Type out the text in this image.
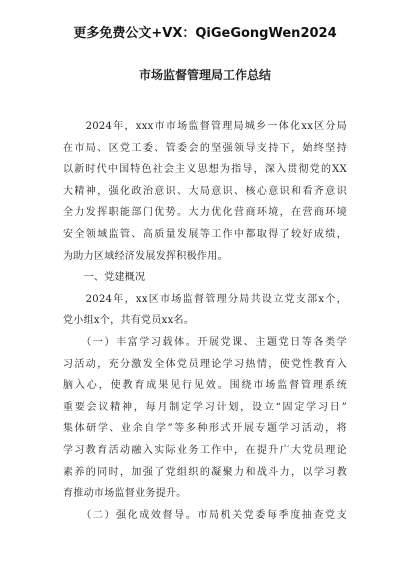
更多免费公文+VX：QiGeGongWen2024
市场监督管理局工作总结
　　2024年，xxx市市场监督管理局城乡一体化xx区分局
在市局、区党工委、管委会的坚强领导支持下，始终坚持
以新时代中国特色社会主义思想为指导，深入贯彻党的XX
大精神，强化政治意识、大局意识、核心意识和看齐意识
全力发挥职能部门优势。大力优化营商环境，在营商环境
安全领域监管、高质量发展等工作中都取得了较好成绩，
为助力区域经济发展发挥积极作用。
　　一、党建概况
　　2024年，xx区市场监督管理分局共设立党支部x个，
党小组x个，共有党员xx名。
　　（一）丰富学习载体。开展党课、主题党日等各类学
习活动，充分激发全体党员理论学习热情，使党性教育入
脑入心，使教育成果见行见效。围绕市场监督管理系统
重要会议精神，每月制定学习计划，设立“固定学习日”
集体研学、业余自学”等多种形式开展专题学习活动，将
学习教育活动融入实际业务工作中，在提升广大党员理论
素养的同时，加强了党组织的凝聚力和战斗力，以学习教
育推动市场监督业务提升。
　　（二）强化成效督导。市局机关党委每季度抽查党支
